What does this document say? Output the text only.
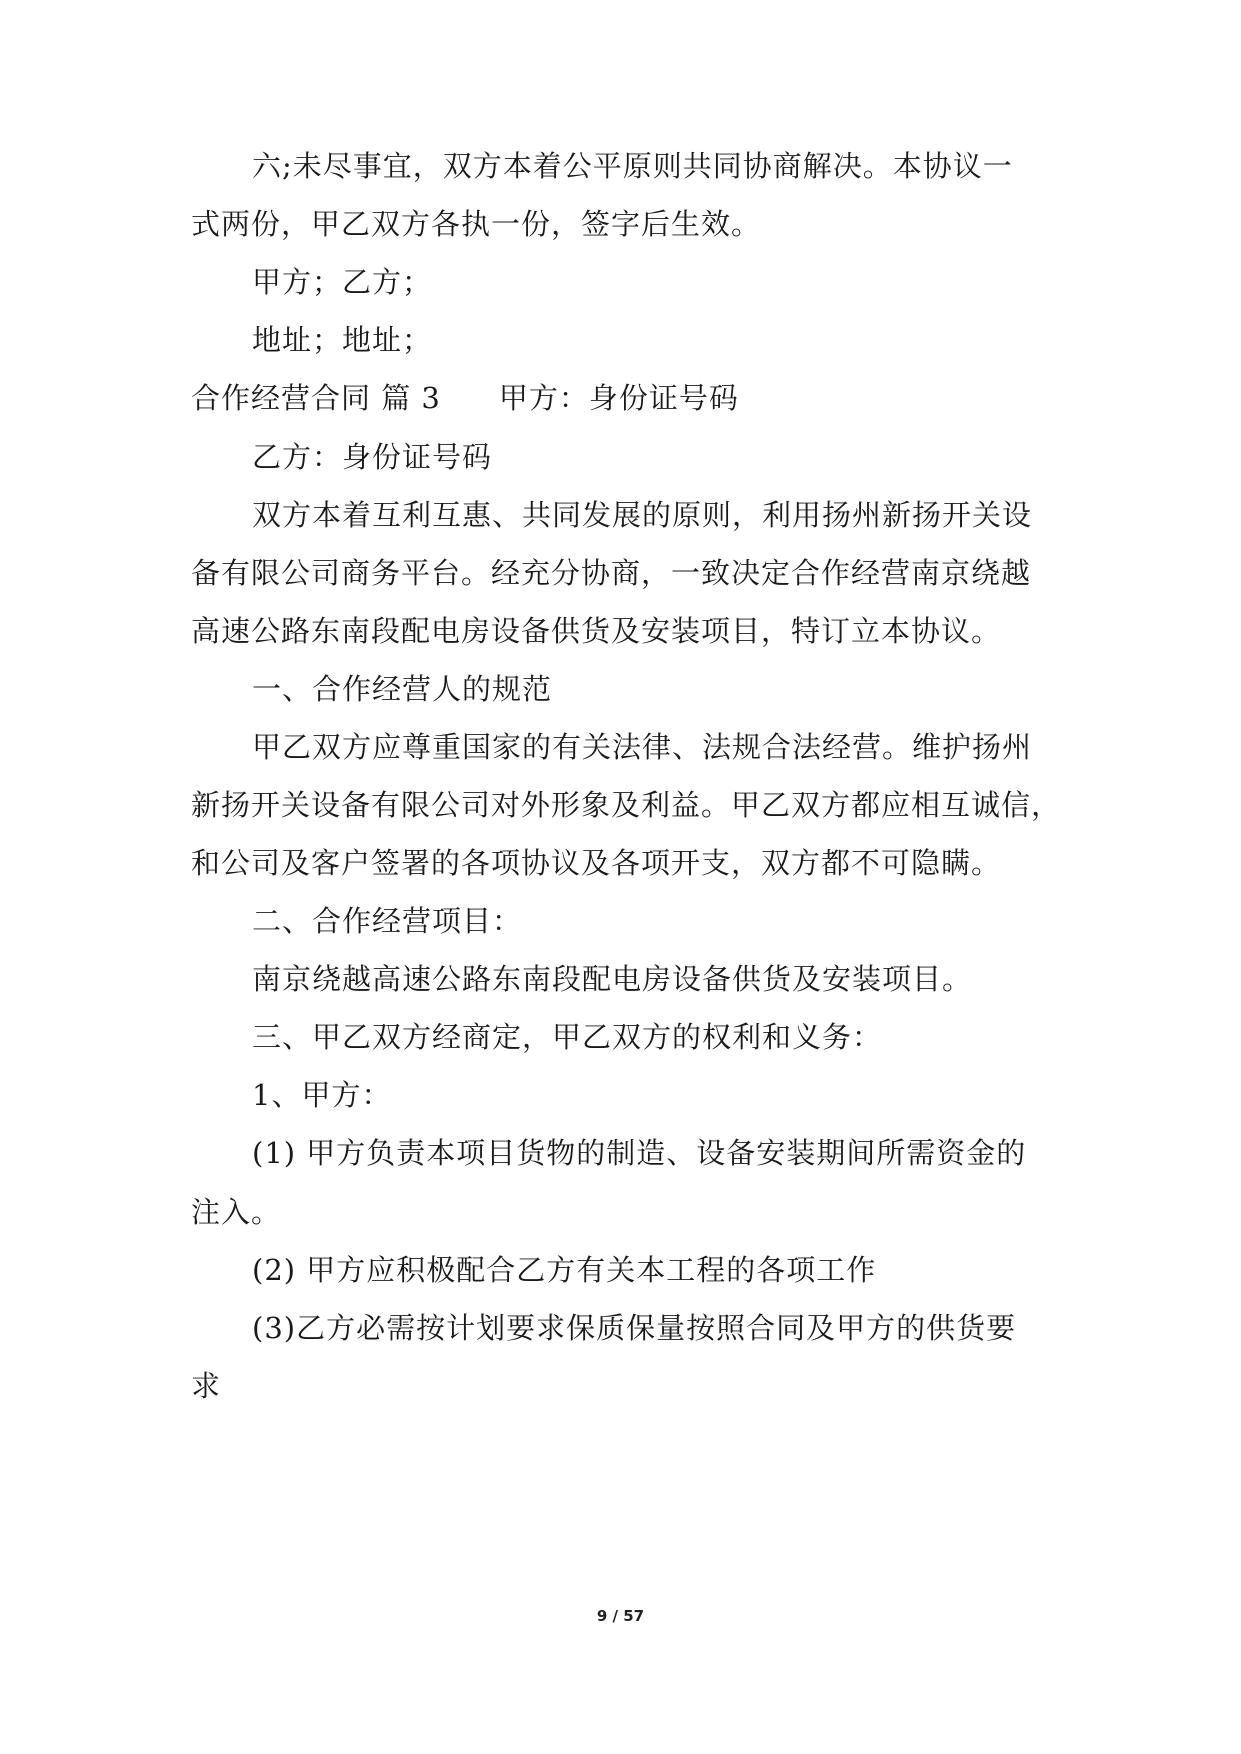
六;未尽事宜，双方本着公平原则共同协商解决。本协议一
式两份，甲乙双方各执一份，签字后生效。
甲方；乙方；
地址；地址；
合作经营合同 篇 3 甲方：身份证号码
乙方：身份证号码
双方本着互利互惠、共同发展的原则，利用扬州新扬开关设
备有限公司商务平台。经充分协商，一致决定合作经营南京绕越
高速公路东南段配电房设备供货及安装项目，特订立本协议。
一、合作经营人的规范
甲乙双方应尊重国家的有关法律、法规合法经营。维护扬州
新扬开关设备有限公司对外形象及利益。甲乙双方都应相互诚信，
和公司及客户签署的各项协议及各项开支，双方都不可隐瞒。
二、合作经营项目：
南京绕越高速公路东南段配电房设备供货及安装项目。
三、甲乙双方经商定，甲乙双方的权利和义务：
1、甲方：
(1) 甲方负责本项目货物的制造、设备安装期间所需资金的
注入。
(2) 甲方应积极配合乙方有关本工程的各项工作
(3)乙方必需按计划要求保质保量按照合同及甲方的供货要
求
9 / 57
